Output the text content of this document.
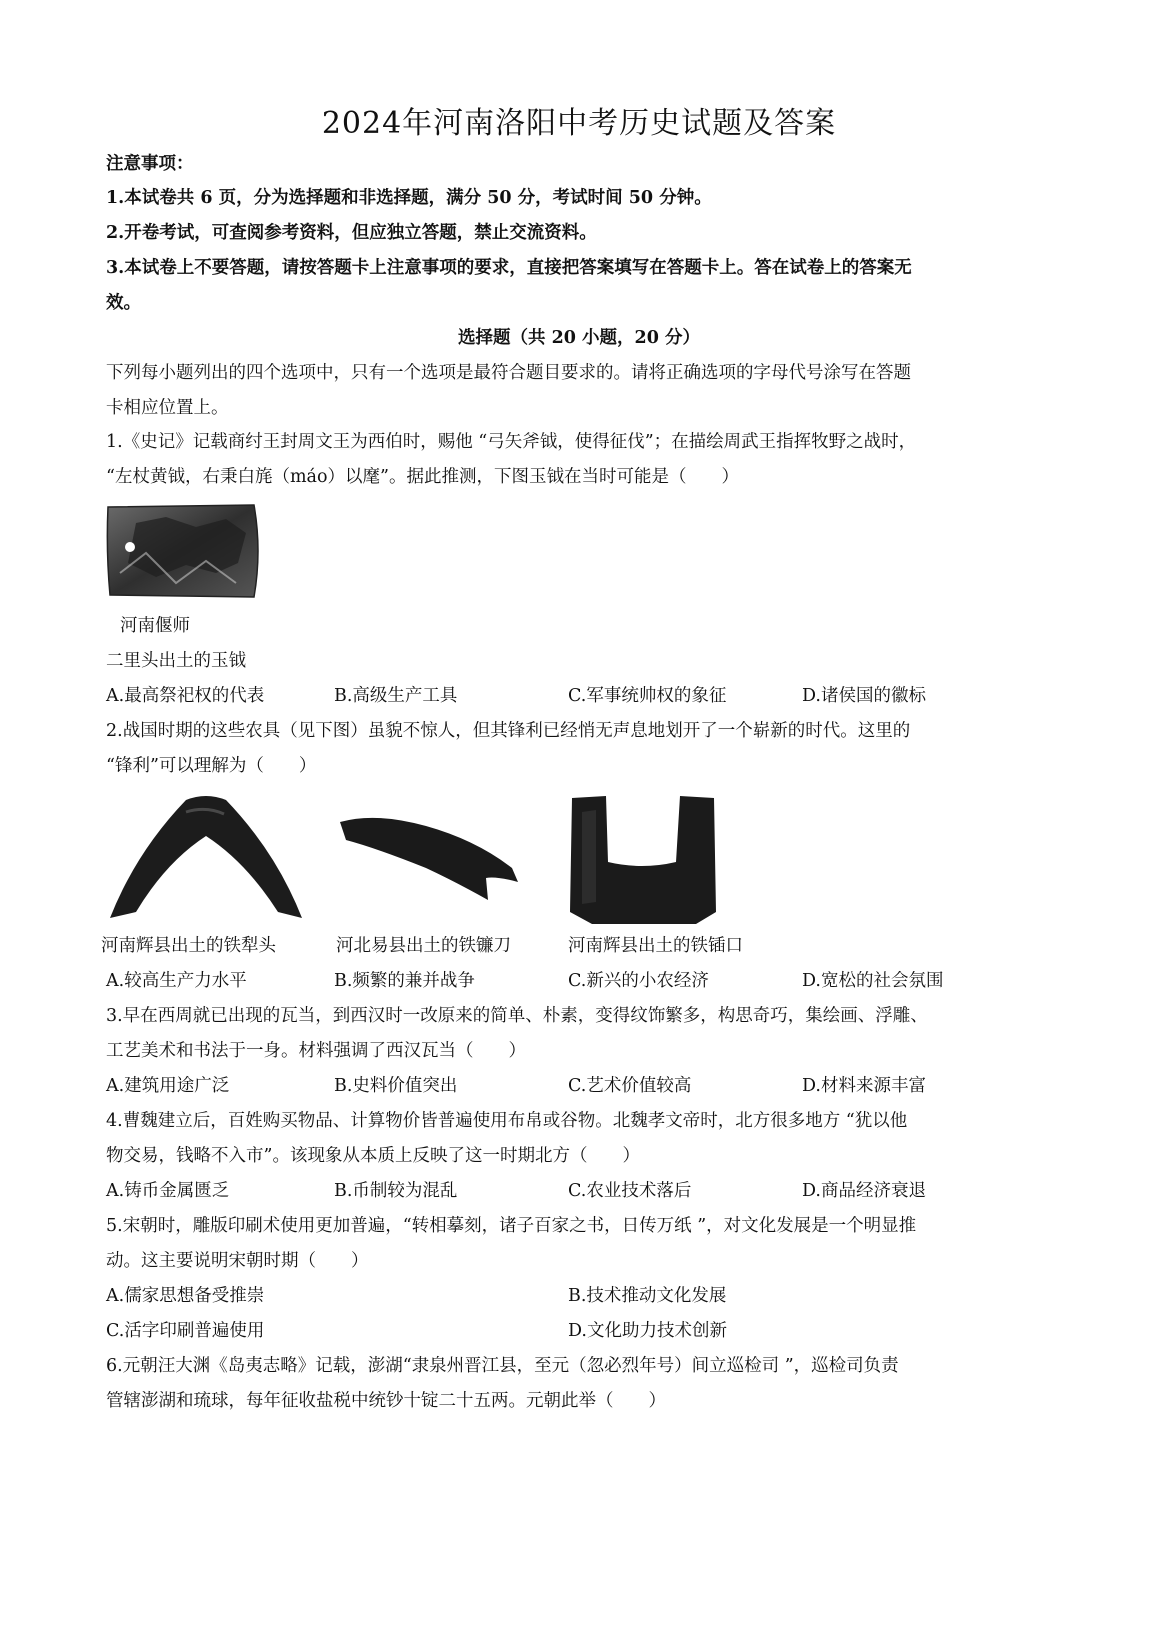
2024年河南洛阳中考历史试题及答案
注意事项：
1.本试卷共 6 页，分为选择题和非选择题，满分 50 分，考试时间 50 分钟。
2.开卷考试，可查阅参考资料，但应独立答题，禁止交流资料。
3.本试卷上不要答题，请按答题卡上注意事项的要求，直接把答案填写在答题卡上。答在试卷上的答案无
效。
选择题（共 20 小题，20 分）
下列每小题列出的四个选项中，只有一个选项是最符合题目要求的。请将正确选项的字母代号涂写在答题
卡相应位置上。
1.《史记》记载商纣王封周文王为西伯时，赐他 “弓矢斧钺，使得征伐”；在描绘周武王指挥牧野之战时，
“左杖黄钺，右秉白旄（máo）以麾”。据此推测，下图玉钺在当时可能是（　　）
河南偃师
二里头出土的玉钺
A.最高祭祀权的代表	B.高级生产工具	C.军事统帅权的象征	D.诸侯国的徽标
2.战国时期的这些农具（见下图）虽貌不惊人，但其锋利已经悄无声息地划开了一个崭新的时代。这里的
“锋利”可以理解为（　　）
河南辉县出土的铁犁头	河北易县出土的铁镰刀	河南辉县出土的铁锸口
A.较高生产力水平	B.频繁的兼并战争	C.新兴的小农经济	D.宽松的社会氛围
3.早在西周就已出现的瓦当，到西汉时一改原来的简单、朴素，变得纹饰繁多，构思奇巧，集绘画、浮雕、
工艺美术和书法于一身。材料强调了西汉瓦当（　　）
A.建筑用途广泛	B.史料价值突出	C.艺术价值较高	D.材料来源丰富
4.曹魏建立后，百姓购买物品、计算物价皆普遍使用布帛或谷物。北魏孝文帝时，北方很多地方 “犹以他
物交易，钱略不入市”。该现象从本质上反映了这一时期北方（　　）
A.铸币金属匮乏	B.币制较为混乱	C.农业技术落后	D.商品经济衰退
5.宋朝时，雕版印刷术使用更加普遍，“转相摹刻，诸子百家之书，日传万纸 ”，对文化发展是一个明显推
动。这主要说明宋朝时期（　　）
A.儒家思想备受推崇	B.技术推动文化发展
C.活字印刷普遍使用	D.文化助力技术创新
6.元朝汪大渊《岛夷志略》记载，澎湖“隶泉州晋江县，至元（忽必烈年号）间立巡检司 ”，巡检司负责
管辖澎湖和琉球，每年征收盐税中统钞十锭二十五两。元朝此举（　　）
